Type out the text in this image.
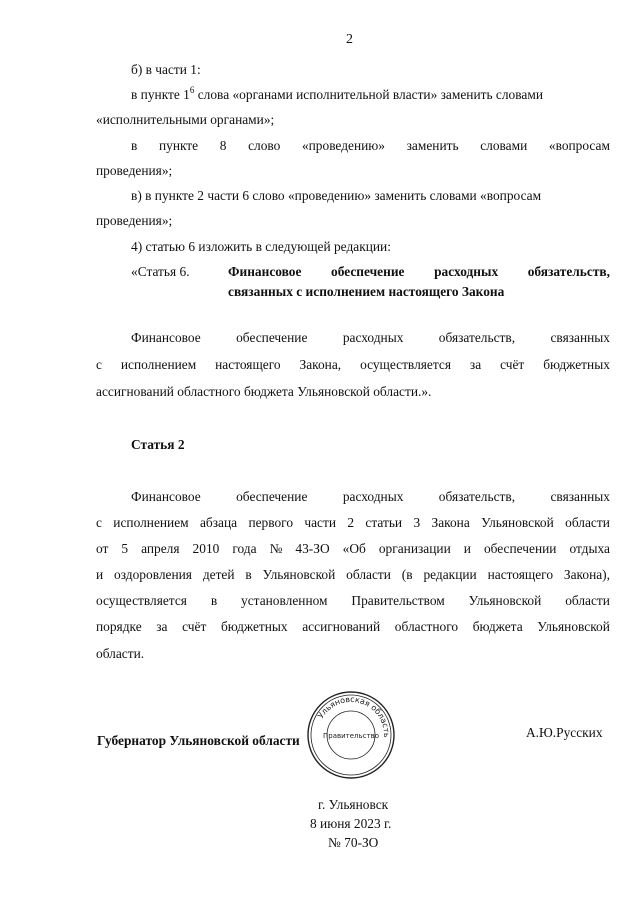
2
б) в части 1:
в пункте $1^6$ слова «органами исполнительной власти» заменить словами
«исполнительными органами»;
в пункте 8 слово «проведению» заменить словами «вопросам
проведения»;
в) в пункте 2 части 6 слово «проведению» заменить словами «вопросам
проведения»;
4) статью 6 изложить в следующей редакции:
«Статья 6.	Финансовое обеспечение расходных обязательств,
связанных с исполнением настоящего Закона
Финансовое	обеспечение	расходных	обязательств,	связанных
с исполнением настоящего Закона, осуществляется за счёт бюджетных
ассигнований областного бюджета Ульяновской области.».
Статья 2
Финансовое	обеспечение	расходных	обязательств,	связанных
с исполнением абзаца первого части 2 статьи 3 Закона Ульяновской области
от 5 апреля 2010 года № 43-ЗО «Об организации и обеспечении отдыха
и оздоровления детей в Ульяновской области (в редакции настоящего Закона),
осуществляется в установленном Правительством Ульяновской области
порядке за счёт бюджетных ассигнований областного бюджета Ульяновской
области.
Губернатор Ульяновской области
А.Ю.Русских
Ульяновская область
Правительство
г. Ульяновск
8 июня 2023 г.
№ 70-ЗО
